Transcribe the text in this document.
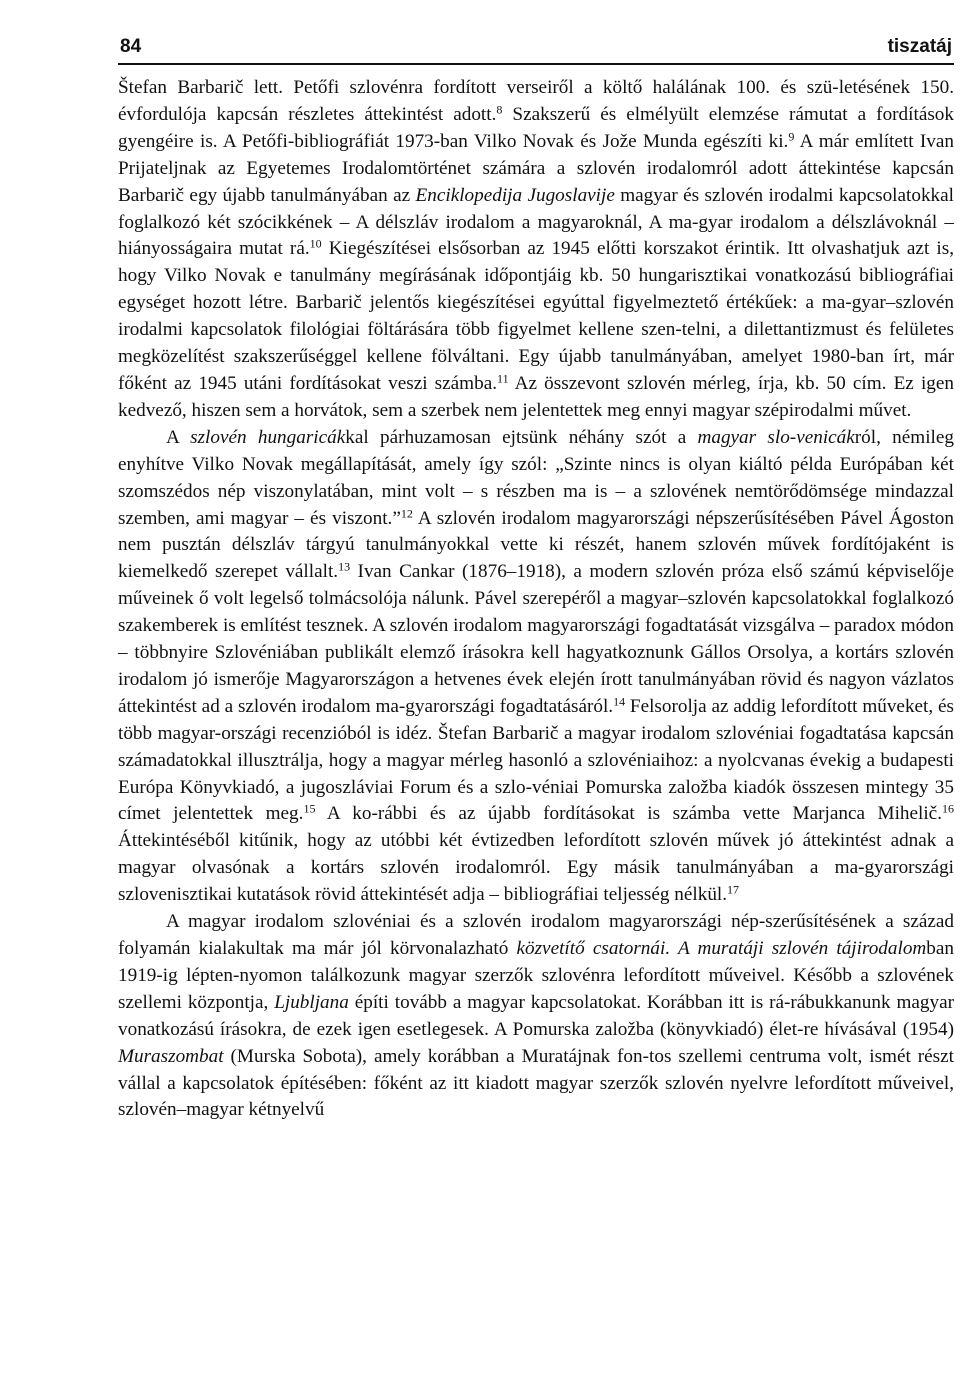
84	tiszatáj

Štefan Barbarič lett. Petőfi szlovénra fordított verseiről a költő halálának 100. és szü-letésének 150. évfordulója kapcsán részletes áttekintést adott.$^8$ Szakszerű és elmélyült elemzése rámutat a fordítások gyengéire is. A Petőfi-bibliográfiát 1973-ban Vilko Novak és Jože Munda egészíti ki.$^9$ A már említett Ivan Prijateljnak az Egyetemes Irodalomtörténet számára a szlovén irodalomról adott áttekintése kapcsán Barbarič egy újabb tanulmányában az Enciklopedija Jugoslavije magyar és szlovén irodalmi kapcsolatokkal foglalkozó két szócikkének – A délszláv irodalom a magyaroknál, A ma-gyar irodalom a délszlávoknál – hiányosságaira mutat rá.$^{10}$ Kiegészítései elsősorban az 1945 előtti korszakot érintik. Itt olvashatjuk azt is, hogy Vilko Novak e tanulmány megírásának időpontjáig kb. 50 hungarisztikai vonatkozású bibliográfiai egységet hozott létre. Barbarič jelentős kiegészítései egyúttal figyelmeztető értékűek: a ma-gyar–szlovén irodalmi kapcsolatok filológiai föltárására több figyelmet kellene szen-telni, a dilettantizmust és felületes megközelítést szakszerűséggel kellene fölváltani. Egy újabb tanulmányában, amelyet 1980-ban írt, már főként az 1945 utáni fordításokat veszi számba.$^{11}$ Az összevont szlovén mérleg, írja, kb. 50 cím. Ez igen kedvező, hiszen sem a horvátok, sem a szerbek nem jelentettek meg ennyi magyar szépirodalmi művet.

A szlovén hungaricákkal párhuzamosan ejtsünk néhány szót a magyar slo-venicákról, némileg enyhítve Vilko Novak megállapítását, amely így szól: „Szinte nincs is olyan kiáltó példa Európában két szomszédos nép viszonylatában, mint volt – s részben ma is – a szlovének nemtörődömsége mindazzal szemben, ami magyar – és viszont.”$^{12}$ A szlovén irodalom magyarországi népszerűsítésében Pável Ágoston nem pusztán délszláv tárgyú tanulmányokkal vette ki részét, hanem szlovén művek fordítójaként is kiemelkedő szerepet vállalt.$^{13}$ Ivan Cankar (1876–1918), a modern szlovén próza első számú képviselője műveinek ő volt legelső tolmácsolója nálunk. Pável szerepéről a magyar–szlovén kapcsolatokkal foglalkozó szakemberek is említést tesznek. A szlovén irodalom magyarországi fogadtatását vizsgálva – paradox módon – többnyire Szlovéniában publikált elemző írásokra kell hagyatkoznunk Gállos Orsolya, a kortárs szlovén irodalom jó ismerője Magyarországon a hetvenes évek elején írott tanulmányában rövid és nagyon vázlatos áttekintést ad a szlovén irodalom ma-gyarországi fogadtatásáról.$^{14}$ Felsorolja az addig lefordított műveket, és több magyar-országi recenzióból is idéz. Štefan Barbarič a magyar irodalom szlovéniai fogadtatása kapcsán számadatokkal illusztrálja, hogy a magyar mérleg hasonló a szlovéniaihoz: a nyolcvanas évekig a budapesti Európa Könyvkiadó, a jugoszláviai Forum és a szlo-véniai Pomurska založba kiadók összesen mintegy 35 címet jelentettek meg.$^{15}$ A ko-rábbi és az újabb fordításokat is számba vette Marjanca Mihelič.$^{16}$ Áttekintéséből kitűnik, hogy az utóbbi két évtizedben lefordított szlovén művek jó áttekintést adnak a magyar olvasónak a kortárs szlovén irodalomról. Egy másik tanulmányában a ma-gyarországi szlovenisztikai kutatások rövid áttekintését adja – bibliográfiai teljesség nélkül.$^{17}$

A magyar irodalom szlovéniai és a szlovén irodalom magyarországi nép-szerűsítésének a század folyamán kialakultak ma már jól körvonalazható közvetítő csatornái. A muratáji szlovén tájirodalomban 1919-ig lépten-nyomon találkozunk magyar szerzők szlovénra lefordított műveivel. Később a szlovének szellemi központja, Ljubljana építi tovább a magyar kapcsolatokat. Korábban itt is rá-rábukkanunk magyar vonatkozású írásokra, de ezek igen esetlegesek. A Pomurska založba (könyvkiadó) élet-re hívásával (1954) Muraszombat (Murska Sobota), amely korábban a Muratájnak fon-tos szellemi centruma volt, ismét részt vállal a kapcsolatok építésében: főként az itt kiadott magyar szerzők szlovén nyelvre lefordított műveivel, szlovén–magyar kétnyelvű
